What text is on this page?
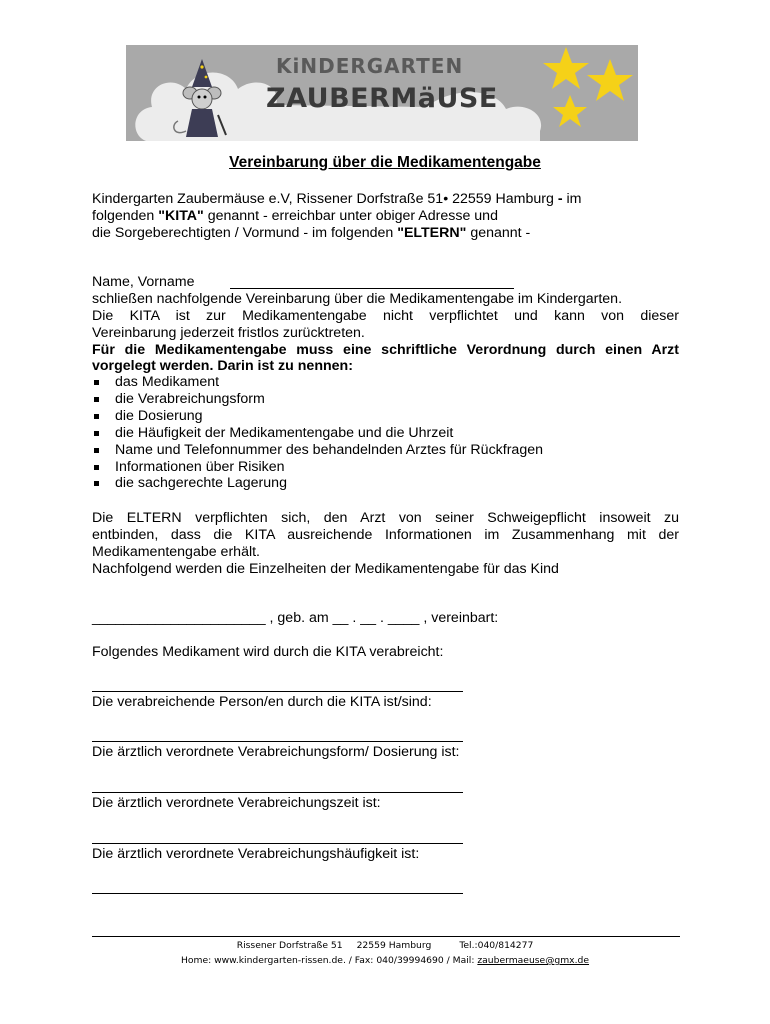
KiNDERGARTEN
ZAUBERMäUSE
Vereinbarung über die Medikamentengabe
Kindergarten Zaubermäuse e.V, Rissener Dorfstraße 51• 22559 Hamburg - im
folgenden "KITA" genannt - erreichbar unter obiger Adresse und
die Sorgeberechtigten / Vormund - im folgenden "ELTERN" genannt -
Name, Vorname
schließen nachfolgende Vereinbarung über die Medikamentengabe im Kindergarten.
Die KITA ist zur Medikamentengabe nicht verpflichtet und kann von dieser
Vereinbarung jederzeit fristlos zurücktreten.
Für die Medikamentengabe muss eine schriftliche Verordnung durch einen Arzt
vorgelegt werden. Darin ist zu nennen:
das Medikament
die Verabreichungsform
die Dosierung
die Häufigkeit der Medikamentengabe und die Uhrzeit
Name und Telefonnummer des behandelnden Arztes für Rückfragen
Informationen über Risiken
die sachgerechte Lagerung
Die ELTERN verpflichten sich, den Arzt von seiner Schweigepflicht insoweit zu
entbinden, dass die KITA ausreichende Informationen im Zusammenhang mit der
Medikamentengabe erhält.
Nachfolgend werden die Einzelheiten der Medikamentengabe für das Kind
______________________ , geb. am __ . __ . ____ , vereinbart:
Folgendes Medikament wird durch die KITA verabreicht:
Die verabreichende Person/en durch die KITA ist/sind:
Die ärztlich verordnete Verabreichungsform/ Dosierung ist:
Die ärztlich verordnete Verabreichungszeit ist:
Die ärztlich verordnete Verabreichungshäufigkeit ist:
Rissener Dorfstraße 51 22559 Hamburg	Tel.:040/814277
Home: www.kindergarten-rissen.de. / Fax: 040/39994690 / Mail: zaubermaeuse@gmx.de
